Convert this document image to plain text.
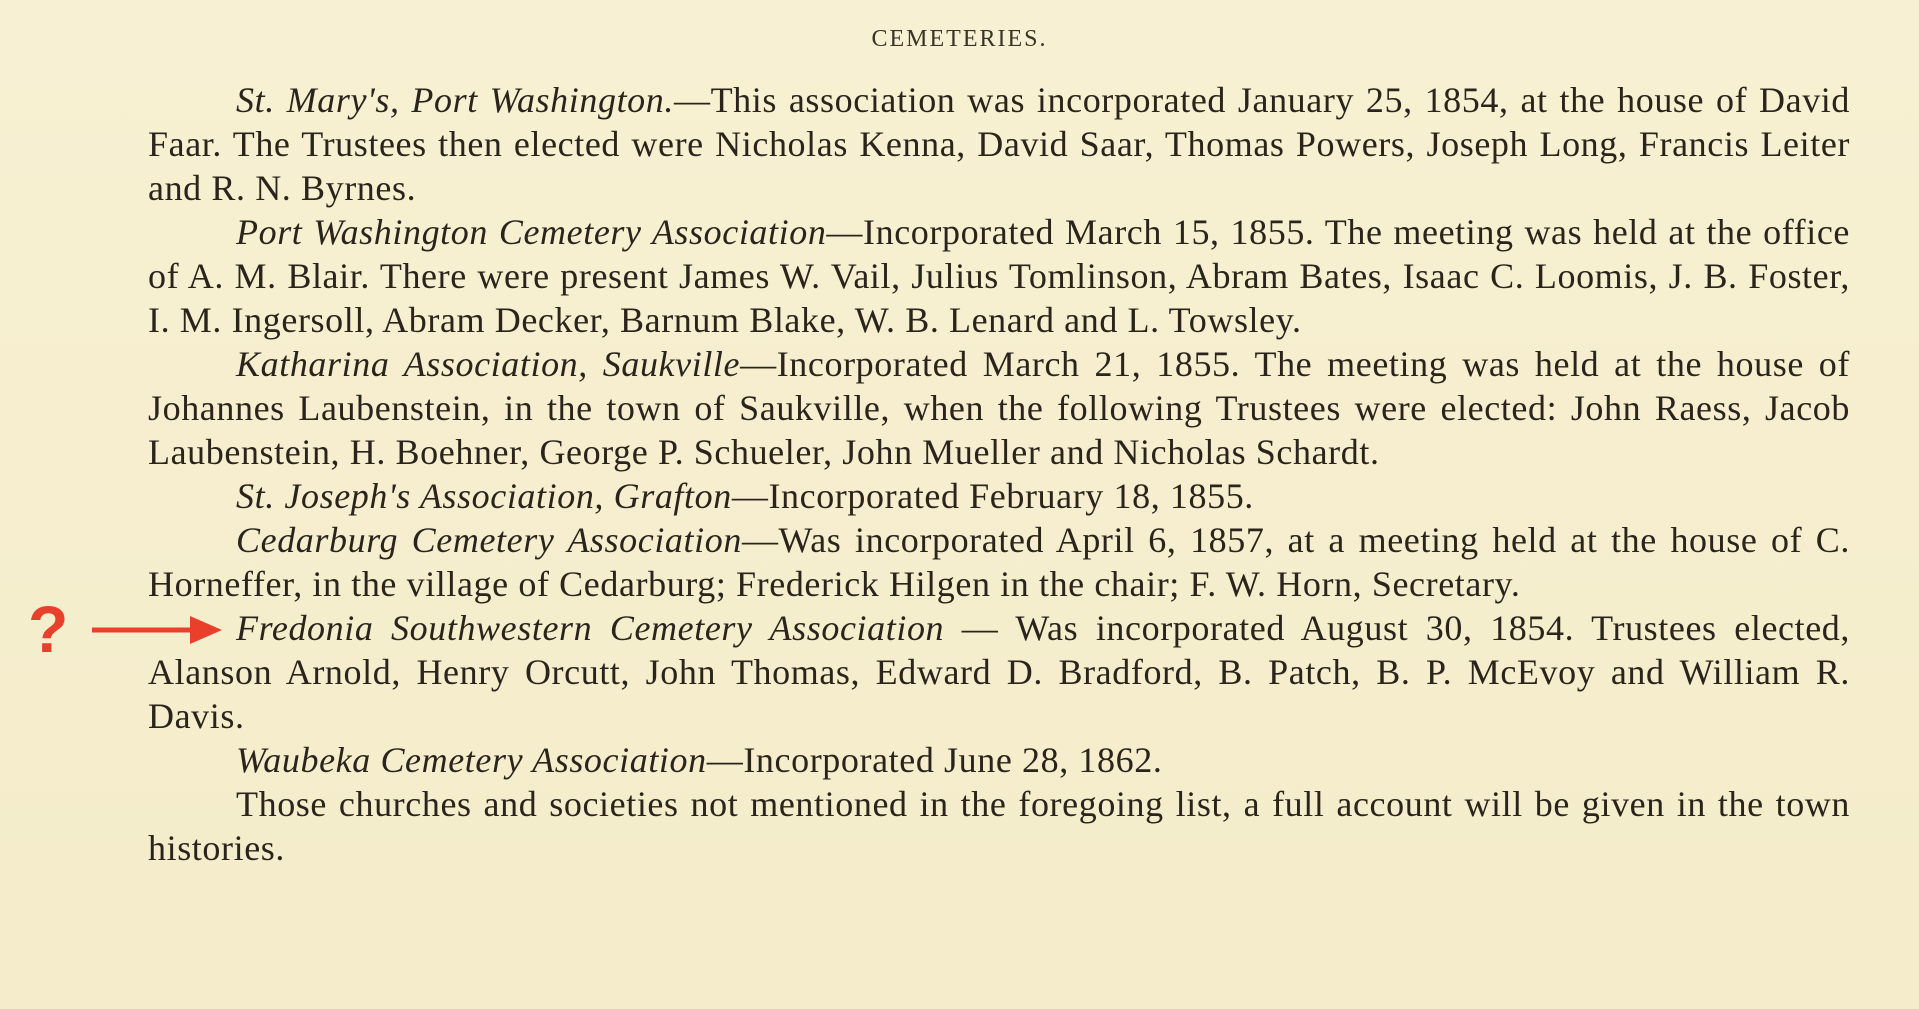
CEMETERIES.

St. Mary's, Port Washington.—This association was incorporated January 25, 1854, at the house of David Faar. The Trustees then elected were Nicholas Kenna, David Saar, Thomas Powers, Joseph Long, Francis Leiter and R. N. Byrnes.

Port Washington Cemetery Association—Incorporated March 15, 1855. The meeting was held at the office of A. M. Blair. There were present James W. Vail, Julius Tomlinson, Abram Bates, Isaac C. Loomis, J. B. Foster, I. M. Ingersoll, Abram Decker, Barnum Blake, W. B. Lenard and L. Towsley.

Katharina Association, Saukville—Incorporated March 21, 1855. The meeting was held at the house of Johannes Laubenstein, in the town of Saukville, when the following Trustees were elected: John Raess, Jacob Laubenstein, H. Boehner, George P. Schueler, John Mueller and Nicholas Schardt.

St. Joseph's Association, Grafton—Incorporated February 18, 1855.

Cedarburg Cemetery Association—Was incorporated April 6, 1857, at a meeting held at the house of C. Horneffer, in the village of Cedarburg; Frederick Hilgen in the chair; F. W. Horn, Secretary.

Fredonia Southwestern Cemetery Association — Was incorporated August 30, 1854. Trustees elected, Alanson Arnold, Henry Orcutt, John Thomas, Edward D. Bradford, B. Patch, B. P. McEvoy and William R. Davis.

Waubeka Cemetery Association—Incorporated June 28, 1862.

Those churches and societies not mentioned in the foregoing list, a full account will be given in the town histories.

?
